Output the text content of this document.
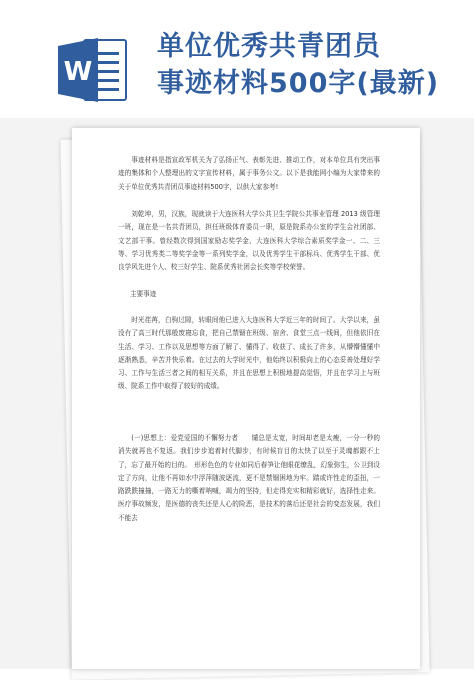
W
单位优秀共青团员
事迹材料500字(最新)

事迹材料是指宣政军机关为了弘扬正气、表彰先进、推动工作，对本单位具有突出事迹的集体和个人整理出的文字宣传材料，属于事务公文。以下是我能网小编为大家带来的关于单位优秀共青团员事迹材料500字，以供大家参考!

刘乾坤，男，汉族，现就读于大连医科大学公共卫生学院公共事业管理 2013 级管理一班，现在是一名共青团员，担任班级体育委员一职，原是院系办公室的学生会社团部、文艺部干事。曾经数次得到国家励志奖学金、大连医科大学综合素质奖学金一、二、三等、学习优秀类二等奖学金等一系列奖学金，以及优秀学生干部标兵、优秀学生干部、优良学风先进个人、校三好学生、院系优秀社团会长奖等学校荣誉。

主要事迹

时光荏苒，白驹过隙，转眼间他已进入大连医科大学近三年的时间了。大学以来，虽没有了高三时代那般废寝忘食，把自己禁锢在班级、宿舍、食堂三点一线间，但他依旧在生活、学习、工作以及思想等方面了解了、懂得了、收获了、成长了许多，从懵懵懂懂中逐渐熟悉，辛苦并快乐着。在过去的大学时光中，他始终以积极向上的心态妥善处理好学习、工作与生活三者之间的相互关系，并且在思想上积极地提高觉悟，并且在学习上与班级、院系工作中取得了较好的成绩。

(一)思想上：爱党爱国的不懈努力者　　缱总是太宽，时间却老是太瘦，一分一秒的消失就再也不复返。我们步步追着时代脚步，有时候盲目的太快了以至于灵魂都跟不上了，忘了最开始的目的。　形形色色的专业如同后春笋让他眼花缭乱，幻象弥生，公卫到设定了方向，让他不再如水中浮萍随波逐流，更不是禁锢困地为牢。踏或许性走的歪扭，一路跌跌撞撞，一路无力的嘶着呐喊，竭力的坚持，但走得充实和精彩就好，选择性走来。医疗事故频发，是医德的丧失还是人心的险恶，是技术的落后还是社会的变态发展，我们不能去
